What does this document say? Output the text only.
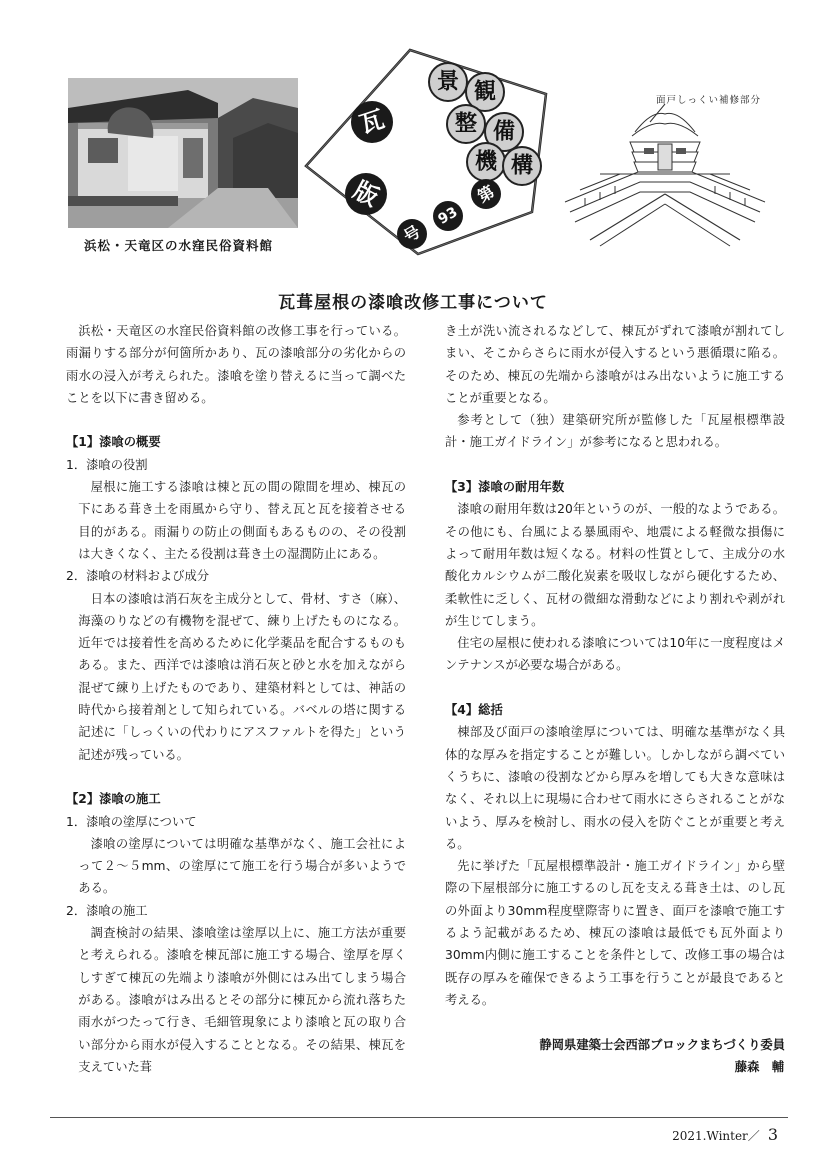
浜松・天竜区の水窪民俗資料館
景 観
整 備
機 構
瓦
版
号
93
第
面戸しっくい補修部分
瓦葺屋根の漆喰改修工事について

浜松・天竜区の水窪民俗資料館の改修工事を行っている。雨漏りする部分が何箇所かあり、瓦の漆喰部分の劣化からの雨水の浸入が考えられた。漆喰を塗り替えるに当って調べたことを以下に書き留める。

【1】漆喰の概要

1．漆喰の役割

屋根に施工する漆喰は棟と瓦の間の隙間を埋め、棟瓦の下にある葺き土を雨風から守り、替え瓦と瓦を接着させる目的がある。雨漏りの防止の側面もあるものの、その役割は大きくなく、主たる役割は葺き土の湿潤防止にある。

2．漆喰の材料および成分

日本の漆喰は消石灰を主成分として、骨材、すさ（麻）、海藻のりなどの有機物を混ぜて、練り上げたものになる。近年では接着性を高めるために化学薬品を配合するものもある。また、西洋では漆喰は消石灰と砂と水を加えながら混ぜて練り上げたものであり、建築材料としては、神話の時代から接着剤として知られている。バベルの塔に関する記述に「しっくいの代わりにアスファルトを得た」という記述が残っている。

【2】漆喰の施工

1．漆喰の塗厚について

漆喰の塗厚については明確な基準がなく、施工会社によって２～５mm、の塗厚にて施工を行う場合が多いようである。

2．漆喰の施工

調査検討の結果、漆喰塗は塗厚以上に、施工方法が重要と考えられる。漆喰を棟瓦部に施工する場合、塗厚を厚くしすぎて棟瓦の先端より漆喰が外側にはみ出てしまう場合がある。漆喰がはみ出るとその部分に棟瓦から流れ落ちた雨水がつたって行き、毛細管現象により漆喰と瓦の取り合い部分から雨水が侵入することとなる。その結果、棟瓦を支えていた葺

き土が洗い流されるなどして、棟瓦がずれて漆喰が割れてしまい、そこからさらに雨水が侵入するという悪循環に陥る。そのため、棟瓦の先端から漆喰がはみ出ないように施工することが重要となる。

参考として（独）建築研究所が監修した「瓦屋根標準設計・施工ガイドライン」が参考になると思われる。

【3】漆喰の耐用年数

漆喰の耐用年数は20年というのが、一般的なようである。その他にも、台風による暴風雨や、地震による軽微な損傷によって耐用年数は短くなる。材料の性質として、主成分の水酸化カルシウムが二酸化炭素を吸収しながら硬化するため、柔軟性に乏しく、瓦材の微細な滑動などにより割れや剥がれが生じてしまう。

住宅の屋根に使われる漆喰については10年に一度程度はメンテナンスが必要な場合がある。

【4】総括

棟部及び面戸の漆喰塗厚については、明確な基準がなく具体的な厚みを指定することが難しい。しかしながら調べていくうちに、漆喰の役割などから厚みを増しても大きな意味はなく、それ以上に現場に合わせて雨水にさらされることがないよう、厚みを検討し、雨水の侵入を防ぐことが重要と考える。

先に挙げた「瓦屋根標準設計・施工ガイドライン」から壁際の下屋根部分に施工するのし瓦を支える葺き土は、のし瓦の外面より30mm程度壁際寄りに置き、面戸を漆喰で施工するよう記載があるため、棟瓦の漆喰は最低でも瓦外面より30mm内側に施工することを条件として、改修工事の場合は既存の厚みを確保できるよう工事を行うことが最良であると考える。

静岡県建築士会西部ブロックまちづくり委員

藤森　輔

2021.Winter／ 3
